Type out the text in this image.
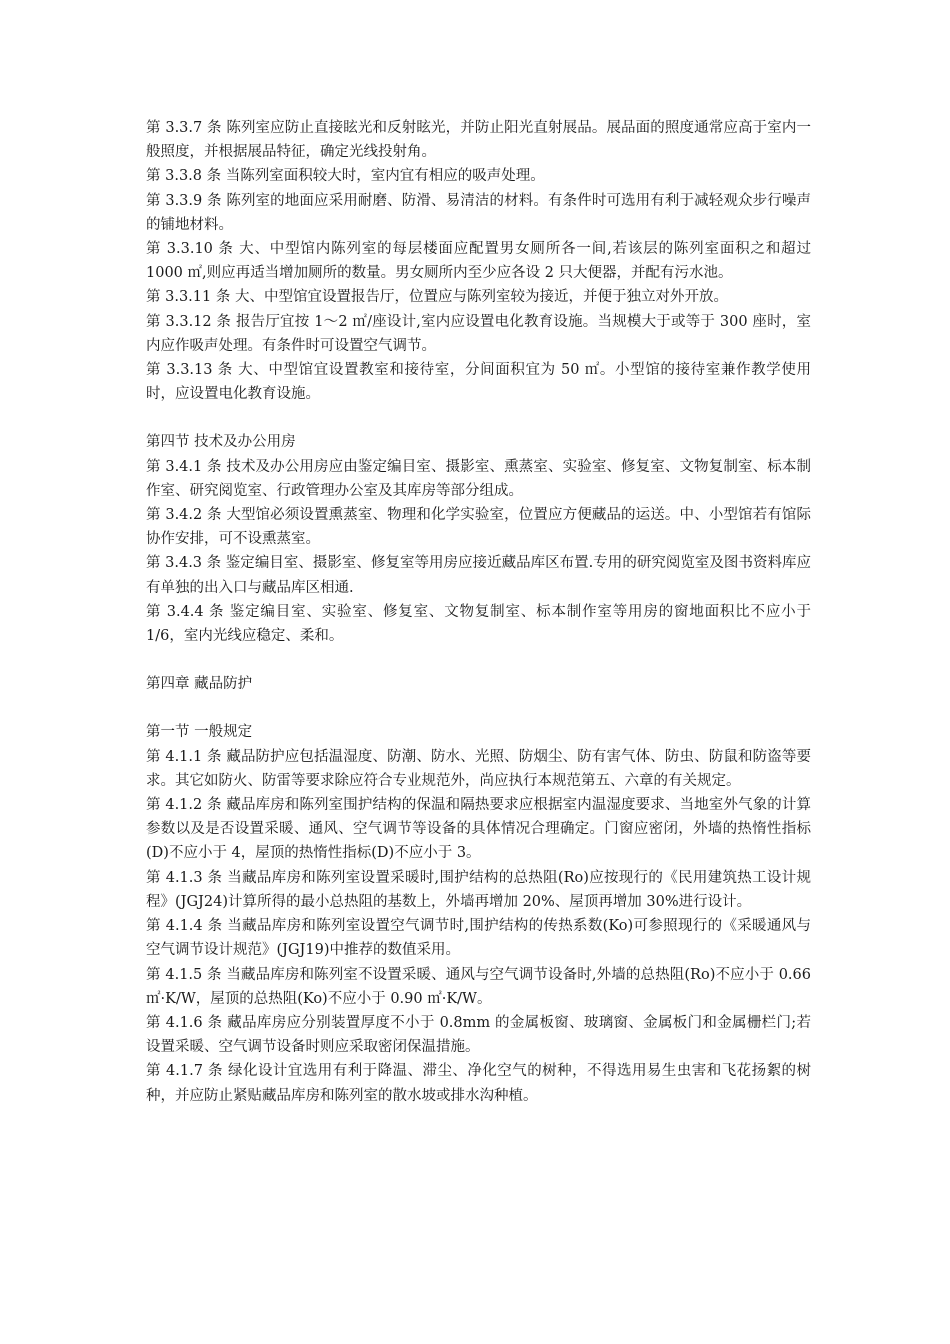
第 3.3.7 条 陈列室应防止直接眩光和反射眩光，并防止阳光直射展品。展品面的照度通常应高于室内一般照度，并根据展品特征，确定光线投射角。

第 3.3.8 条 当陈列室面积较大时，室内宜有相应的吸声处理。

第 3.3.9 条 陈列室的地面应采用耐磨、防滑、易清洁的材料。有条件时可选用有利于减轻观众步行噪声的铺地材料。

第 3.3.10 条 大、中型馆内陈列室的每层楼面应配置男女厕所各一间,若该层的陈列室面积之和超过 1000 ㎡,则应再适当增加厕所的数量。男女厕所内至少应各设 2 只大便器，并配有污水池。

第 3.3.11 条 大、中型馆宜设置报告厅，位置应与陈列室较为接近，并便于独立对外开放。

第 3.3.12 条 报告厅宜按 1～2 ㎡/座设计,室内应设置电化教育设施。当规模大于或等于 300 座时，室内应作吸声处理。有条件时可设置空气调节。

第 3.3.13 条 大、中型馆宜设置教室和接待室，分间面积宜为 50 ㎡。小型馆的接待室兼作教学使用时，应设置电化教育设施。

第四节 技术及办公用房

第 3.4.1 条 技术及办公用房应由鉴定编目室、摄影室、熏蒸室、实验室、修复室、文物复制室、标本制作室、研究阅览室、行政管理办公室及其库房等部分组成。

第 3.4.2 条 大型馆必须设置熏蒸室、物理和化学实验室，位置应方便藏品的运送。中、小型馆若有馆际协作安排，可不设熏蒸室。

第 3.4.3 条 鉴定编目室、摄影室、修复室等用房应接近藏品库区布置.专用的研究阅览室及图书资料库应有单独的出入口与藏品库区相通.

第 3.4.4 条 鉴定编目室、实验室、修复室、文物复制室、标本制作室等用房的窗地面积比不应小于 1/6，室内光线应稳定、柔和。

第四章 藏品防护

第一节 一般规定

第 4.1.1 条 藏品防护应包括温湿度、防潮、防水、光照、防烟尘、防有害气体、防虫、防鼠和防盗等要求。其它如防火、防雷等要求除应符合专业规范外，尚应执行本规范第五、六章的有关规定。

第 4.1.2 条 藏品库房和陈列室围护结构的保温和隔热要求应根据室内温湿度要求、当地室外气象的计算参数以及是否设置采暖、通风、空气调节等设备的具体情况合理确定。门窗应密闭，外墙的热惰性指标(D)不应小于 4，屋顶的热惰性指标(D)不应小于 3。

第 4.1.3 条 当藏品库房和陈列室设置采暖时,围护结构的总热阻(Ro)应按现行的《民用建筑热工设计规程》(JGJ24)计算所得的最小总热阻的基数上，外墙再增加 20%、屋顶再增加 30%进行设计。

第 4.1.4 条 当藏品库房和陈列室设置空气调节时,围护结构的传热系数(Ko)可参照现行的《采暖通风与空气调节设计规范》(JGJ19)中推荐的数值采用。

第 4.1.5 条 当藏品库房和陈列室不设置采暖、通风与空气调节设备时,外墙的总热阻(Ro)不应小于 0.66 ㎡·K/W，屋顶的总热阻(Ko)不应小于 0.90 ㎡·K/W。

第 4.1.6 条 藏品库房应分别装置厚度不小于 0.8mm 的金属板窗、玻璃窗、金属板门和金属栅栏门;若设置采暖、空气调节设备时则应采取密闭保温措施。

第 4.1.7 条 绿化设计宜选用有利于降温、滞尘、净化空气的树种，不得选用易生虫害和飞花扬絮的树种，并应防止紧贴藏品库房和陈列室的散水坡或排水沟种植。
